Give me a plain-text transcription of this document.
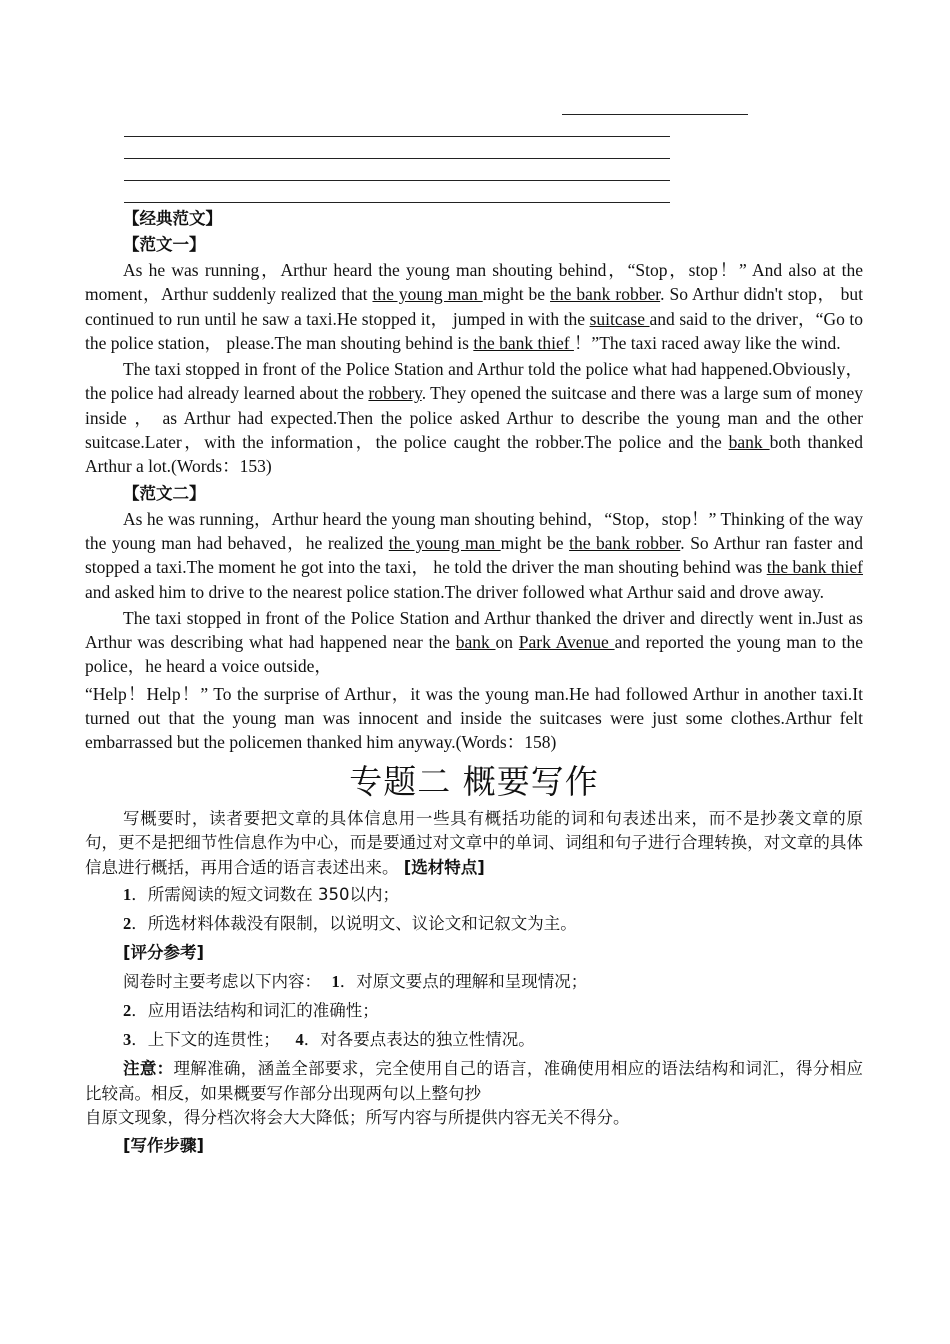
【经典范文】
【范文一】

As he was running，Arthur heard the young man shouting behind，“Stop，stop！” And also at the moment，Arthur suddenly realized that the young man might be the bank robber. So Arthur didn't stop， but continued to run until he saw a taxi.He stopped it， jumped in with the suitcase and said to the driver，“Go to the police station， please.The man shouting behind is the bank thief ！”The taxi raced away like the wind.

The taxi stopped in front of the Police Station and Arthur told the police what had happened.Obviously，the police had already learned about the robbery. They opened the suitcase and there was a large sum of money inside ， as Arthur had expected.Then the police asked Arthur to describe the young man and the other suitcase.Later，with the information，the police caught the robber.The police and the bank both thanked Arthur a lot.(Words：153)

【范文二】

As he was running，Arthur heard the young man shouting behind，“Stop，stop！” Thinking of the way the young man had behaved，he realized the young man might be the bank robber. So Arthur ran faster and stopped a taxi.The moment he got into the taxi， he told the driver the man shouting behind was the bank thief and asked him to drive to the nearest police station.The driver followed what Arthur said and drove away.

The taxi stopped in front of the Police Station and Arthur thanked the driver and directly went in.Just as Arthur was describing what had happened near the bank on Park Avenue and reported the young man to the police，he heard a voice outside，

“Help！Help！” To the surprise of Arthur，it was the young man.He had followed Arthur in another taxi.It turned out that the young man was innocent and inside the suitcases were just some clothes.Arthur felt embarrassed but the policemen thanked him anyway.(Words：158)

专题二 概要写作

写概要时，读者要把文章的具体信息用一些具有概括功能的词和句表述出来，而不是抄袭文章的原句，更不是把细节性信息作为中心，而是要通过对文章中的单词、词组和句子进行合理转换，对文章的具体信息进行概括，再用合适的语言表述出来。 [选材特点]

1．所需阅读的短文词数在 350以内；
2．所选材料体裁没有限制，以说明文、议论文和记叙文为主。
[评分参考]
阅卷时主要考虑以下内容： 1．对原文要点的理解和呈现情况；
2．应用语法结构和词汇的准确性；
3．上下文的连贯性； 4．对各要点表达的独立性情况。

注意：理解准确，涵盖全部要求，完全使用自己的语言，准确使用相应的语法结构和词汇，得分相应比较高。相反，如果概要写作部分出现两句以上整句抄

自原文现象，得分档次将会大大降低；所写内容与所提供内容无关不得分。

[写作步骤]
